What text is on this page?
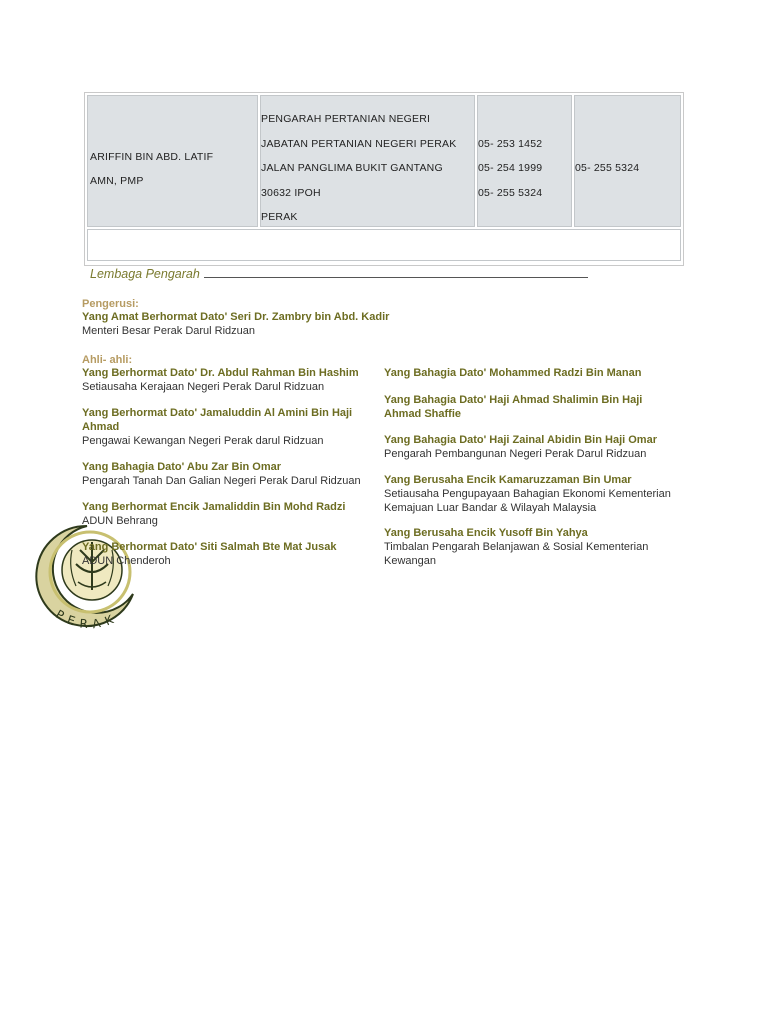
ARIFFIN BIN ABD. LATIF
AMN, PMP
PENGARAH PERTANIAN NEGERI
JABATAN PERTANIAN NEGERI PERAK
JALAN PANGLIMA BUKIT GANTANG
30632 IPOH
PERAK
05- 253 1452
05- 254 1999
05- 255 5324
05- 255 5324
Lembaga Pengarah
PERAK
Pengerusi:
Yang Amat Berhormat Dato' Seri Dr. Zambry bin Abd. Kadir
Menteri Besar Perak Darul Ridzuan
Ahli- ahli:
Yang Berhormat Dato' Dr. Abdul Rahman Bin Hashim
Setiausaha Kerajaan Negeri Perak Darul Ridzuan
Yang Berhormat Dato' Jamaluddin Al Amini Bin Haji
Ahmad
Pengawai Kewangan Negeri Perak darul Ridzuan
Yang Bahagia Dato' Abu Zar Bin Omar
Pengarah Tanah Dan Galian Negeri Perak Darul Ridzuan
Yang Berhormat Encik Jamaliddin Bin Mohd Radzi
ADUN Behrang
Yang Berhormat Dato' Siti Salmah Bte Mat Jusak
ADUN Chenderoh
Yang Bahagia Dato' Mohammed Radzi Bin Manan
Yang Bahagia Dato' Haji Ahmad Shalimin Bin Haji
Ahmad Shaffie
Yang Bahagia Dato' Haji Zainal Abidin Bin Haji Omar
Pengarah Pembangunan Negeri Perak Darul Ridzuan
Yang Berusaha Encik Kamaruzzaman Bin Umar
Setiausaha Pengupayaan Bahagian Ekonomi Kementerian
Kemajuan Luar Bandar & Wilayah Malaysia
Yang Berusaha Encik Yusoff Bin Yahya
Timbalan Pengarah Belanjawan & Sosial Kementerian
Kewangan
